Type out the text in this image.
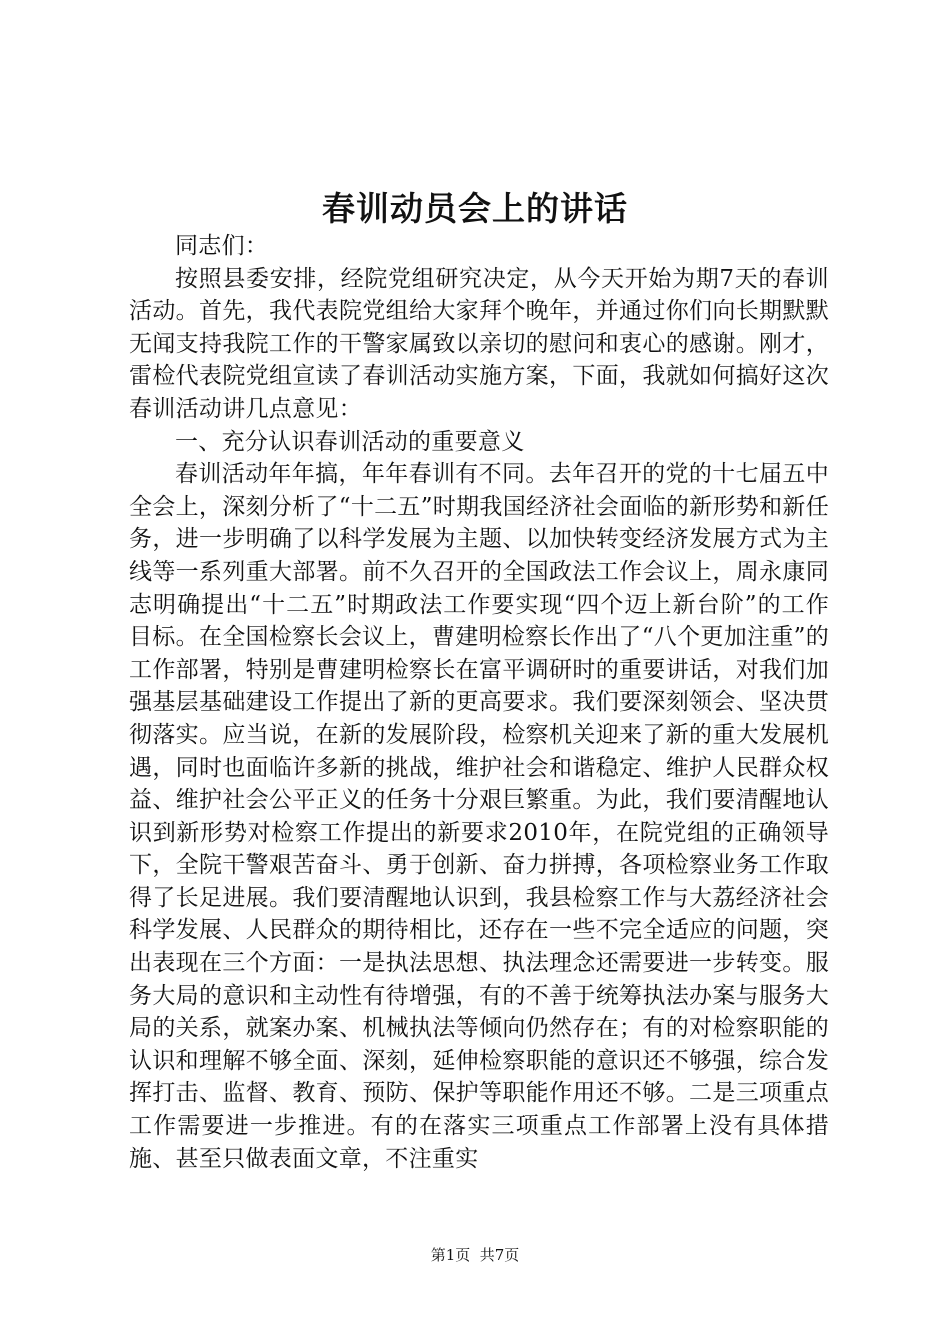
春训动员会上的讲话

同志们：

按照县委安排，经院党组研究决定，从今天开始为期7天的春训活动。首先，我代表院党组给大家拜个晚年，并通过你们向长期默默无闻支持我院工作的干警家属致以亲切的慰问和衷心的感谢。刚才，雷检代表院党组宣读了春训活动实施方案，下面，我就如何搞好这次春训活动讲几点意见：

一、充分认识春训活动的重要意义

春训活动年年搞，年年春训有不同。去年召开的党的十七届五中全会上，深刻分析了“十二五”时期我国经济社会面临的新形势和新任务，进一步明确了以科学发展为主题、以加快转变经济发展方式为主线等一系列重大部署。前不久召开的全国政法工作会议上，周永康同志明确提出“十二五”时期政法工作要实现“四个迈上新台阶”的工作目标。在全国检察长会议上，曹建明检察长作出了“八个更加注重”的工作部署，特别是曹建明检察长在富平调研时的重要讲话，对我们加强基层基础建设工作提出了新的更高要求。我们要深刻领会、坚决贯彻落实。应当说，在新的发展阶段，检察机关迎来了新的重大发展机遇，同时也面临许多新的挑战，维护社会和谐稳定、维护人民群众权益、维护社会公平正义的任务十分艰巨繁重。为此，我们要清醒地认识到新形势对检察工作提出的新要求2010年，在院党组的正确领导下，全院干警艰苦奋斗、勇于创新、奋力拼搏，各项检察业务工作取得了长足进展。我们要清醒地认识到，我县检察工作与大荔经济社会科学发展、人民群众的期待相比，还存在一些不完全适应的问题，突出表现在三个方面：一是执法思想、执法理念还需要进一步转变。服务大局的意识和主动性有待增强，有的不善于统筹执法办案与服务大局的关系，就案办案、机械执法等倾向仍然存在；有的对检察职能的认识和理解不够全面、深刻，延伸检察职能的意识还不够强，综合发挥打击、监督、教育、预防、保护等职能作用还不够。二是三项重点工作需要进一步推进。有的在落实三项重点工作部署上没有具体措施、甚至只做表面文章，不注重实

第1页  共7页
